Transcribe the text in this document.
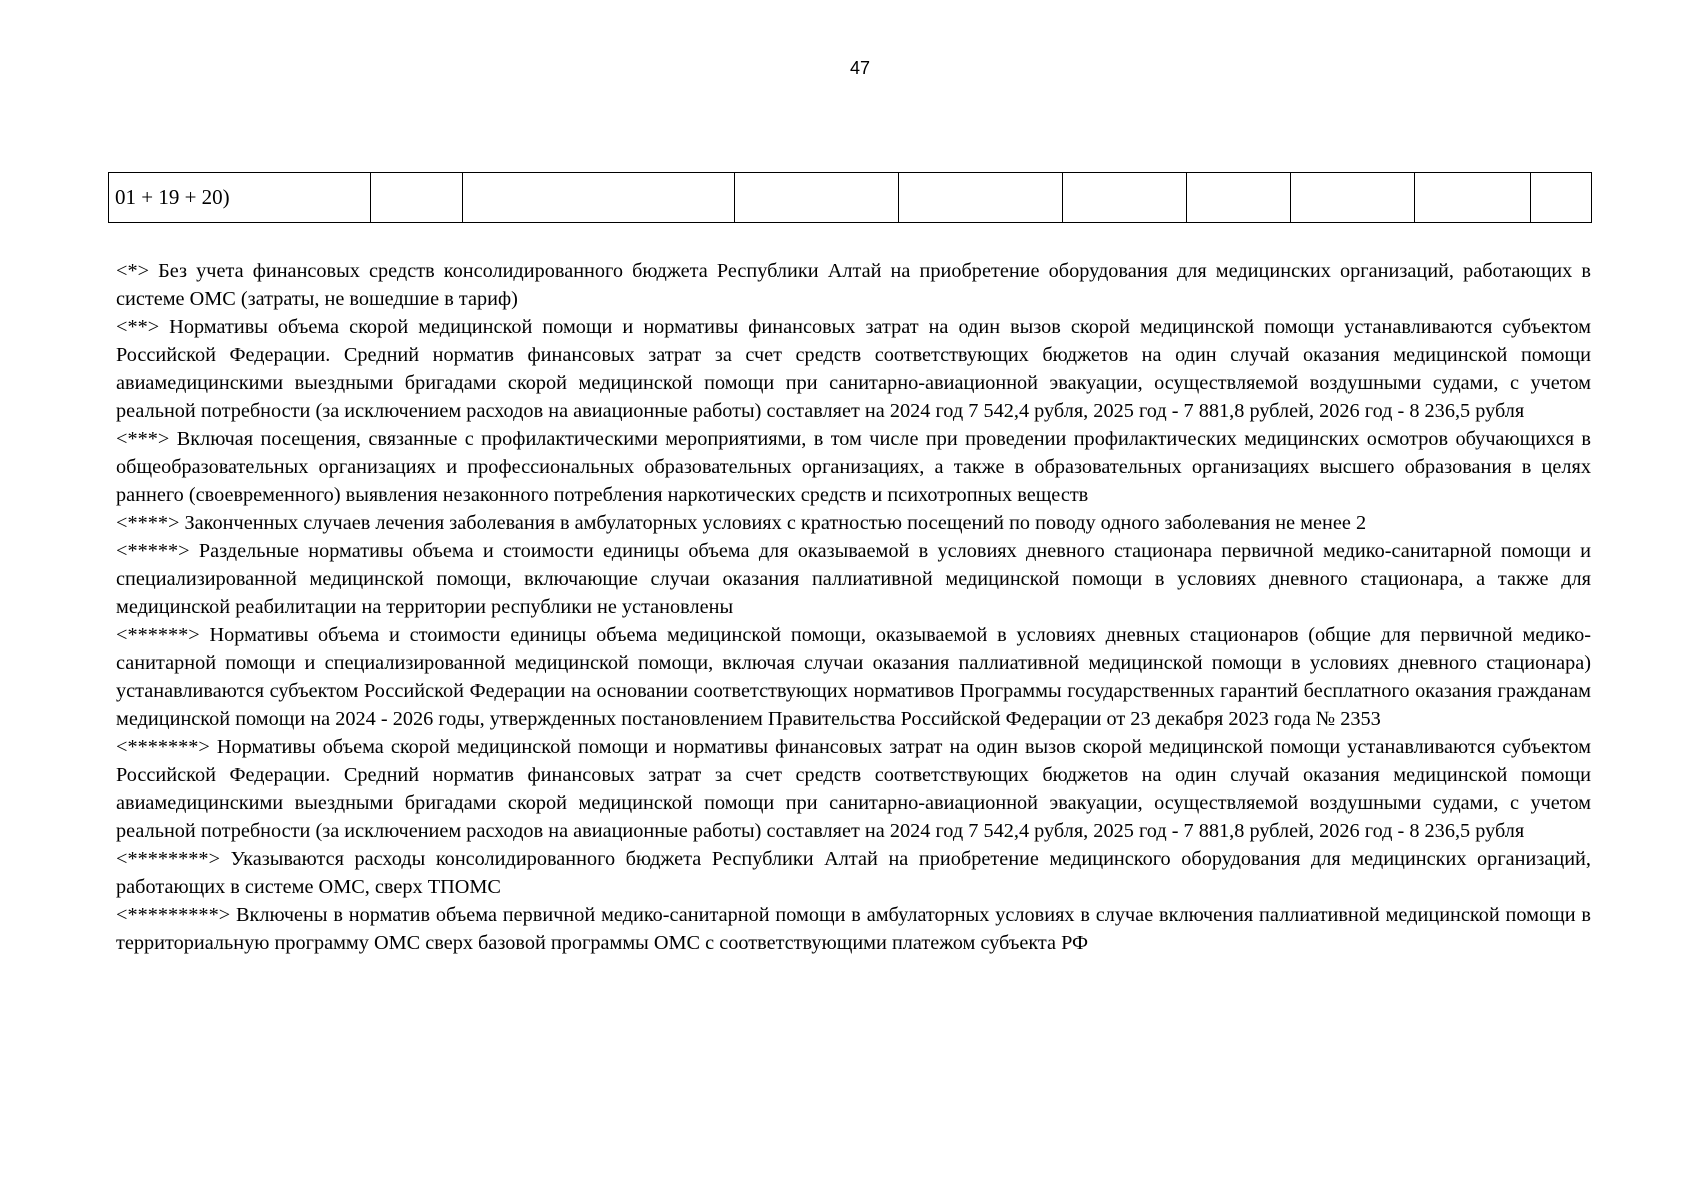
47
01 + 19 + 20)									

<*> Без учета финансовых средств консолидированного бюджета Республики Алтай на приобретение оборудования для медицинских организаций, работающих в системе ОМС (затраты, не вошедшие в тариф)

<**> Нормативы объема скорой медицинской помощи и нормативы финансовых затрат на один вызов скорой медицинской помощи устанавливаются субъектом Российской Федерации. Средний норматив финансовых затрат за счет средств соответствующих бюджетов на один случай оказания медицинской помощи авиамедицинскими выездными бригадами скорой медицинской помощи при санитарно-авиационной эвакуации, осуществляемой воздушными судами, с учетом реальной потребности (за исключением расходов на авиационные работы) составляет на 2024 год 7 542,4 рубля, 2025 год - 7 881,8 рублей, 2026 год - 8 236,5 рубля

<***> Включая посещения, связанные с профилактическими мероприятиями, в том числе при проведении профилактических медицинских осмотров обучающихся в общеобразовательных организациях и профессиональных образовательных организациях, а также в образовательных организациях высшего образования в целях раннего (своевременного) выявления незаконного потребления наркотических средств и психотропных веществ

<****> Законченных случаев лечения заболевания в амбулаторных условиях с кратностью посещений по поводу одного заболевания не менее 2

<*****> Раздельные нормативы объема и стоимости единицы объема для оказываемой в условиях дневного стационара первичной медико-санитарной помощи и специализированной медицинской помощи, включающие случаи оказания паллиативной медицинской помощи в условиях дневного стационара, а также для медицинской реабилитации на территории республики не установлены

<******> Нормативы объема и стоимости единицы объема медицинской помощи, оказываемой в условиях дневных стационаров (общие для первичной медико-санитарной помощи и специализированной медицинской помощи, включая случаи оказания паллиативной медицинской помощи в условиях дневного стационара) устанавливаются субъектом Российской Федерации на основании соответствующих нормативов Программы государственных гарантий бесплатного оказания гражданам медицинской помощи на 2024 - 2026 годы, утвержденных постановлением Правительства Российской Федерации от 23 декабря 2023 года № 2353

<*******> Нормативы объема скорой медицинской помощи и нормативы финансовых затрат на один вызов скорой медицинской помощи устанавливаются субъектом Российской Федерации. Средний норматив финансовых затрат за счет средств соответствующих бюджетов на один случай оказания медицинской помощи авиамедицинскими выездными бригадами скорой медицинской помощи при санитарно-авиационной эвакуации, осуществляемой воздушными судами, с учетом реальной потребности (за исключением расходов на авиационные работы) составляет на 2024 год 7 542,4 рубля, 2025 год - 7 881,8 рублей, 2026 год - 8 236,5 рубля

<********> Указываются расходы консолидированного бюджета Республики Алтай на приобретение медицинского оборудования для медицинских организаций, работающих в системе ОМС, сверх ТПОМС

<*********> Включены в норматив объема первичной медико-санитарной помощи в амбулаторных условиях в случае включения паллиативной медицинской помощи в территориальную программу ОМС сверх базовой программы ОМС с соответствующими платежом субъекта РФ
